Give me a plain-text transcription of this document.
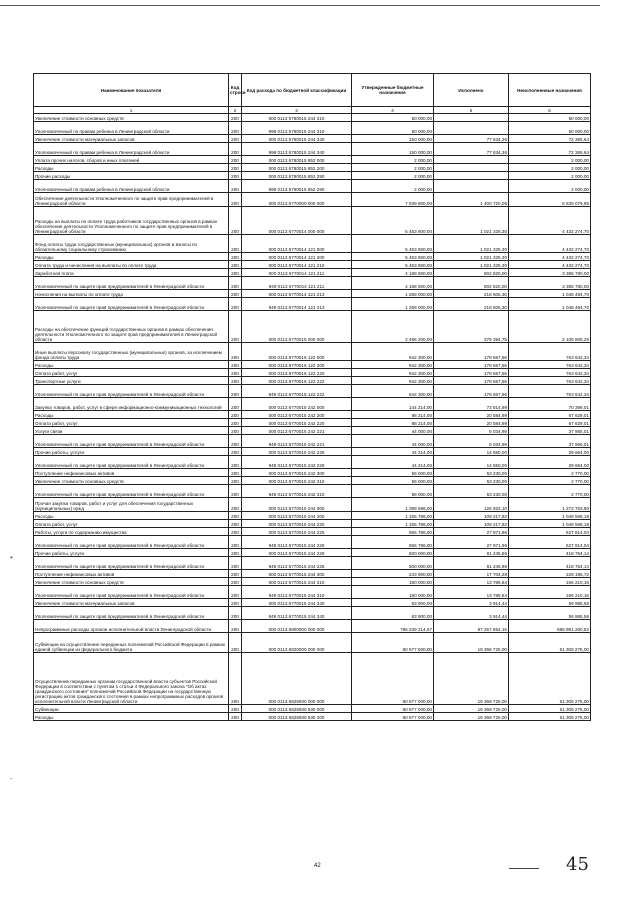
•
-
Наименование показателя	Код строки	Код расхода по бюджетной классификации	Утвержденные бюджетные назначения	Исполнено	Неисполненные назначения
1	2	3	4	5	6
Увеличение стоимости основных средств	200	000 0113 6780015 244 310	50 000,00		50 000,00
Уполномоченный по правам ребенка в Ленинградской области	200	998 0113 6780015 244 310	50 000,00		50 000,00
Увеличение стоимости материальных запасов	200	000 0113 6780015 244 340	150 000,00	77 634,36	72 365,64
Уполномоченный по правам ребенка в Ленинградской области	200	998 0113 6780015 244 340	150 000,00	77 634,36	72 365,64
Уплата прочих налогов, сборов и иных платежей	200	000 0113 6780015 852 000	2 000,00		2 000,00
Расходы	200	000 0113 6780015 852 200	2 000,00		2 000,00
Прочие расходы	200	000 0113 6780015 852 290	2 000,00		2 000,00
Уполномоченный по правам ребенка в Ленинградской области	200	998 0113 6780015 852 290	2 000,00		2 000,00
Обеспечение деятельности Уполномоченного по защите прав предпринимателей в Ленинградской области	200	000 0113 6770000 000 000	7 939 800,00	1 400 720,05	6 539 079,95
Расходы на выплаты по оплате труда работников государственных органов в рамках обеспечения деятельности Уполномоченного по защите прав предпринимателей в Ленинградской области	200	000 0113 6770014 000 000	5 453 600,00	1 021 325,30	4 432 274,70
Фонд оплаты труда государственных (муниципальных) органов и взносы по обязательному социальному страхованию	200	000 0113 6770014 121 000	5 453 600,00	1 021 325,30	4 432 274,70
Расходы	200	000 0113 6770014 121 200	5 453 600,00	1 021 325,30	4 432 274,70
Оплата труда и начисления на выплаты по оплате труда	200	000 0113 6770014 121 210	5 453 600,00	1 021 325,30	4 432 274,70
Заработная плата	200	000 0113 6770014 121 211	4 188 600,00	802 820,00	3 385 780,00
Уполномоченный по защите прав предпринимателей в Ленинградской области	200	949 0113 6770014 121 211	4 188 600,00	802 820,00	3 385 780,00
Начисления на выплаты по оплате труда	200	000 0113 6770014 121 213	1 265 000,00	218 505,30	1 046 494,70
Уполномоченный по защите прав предпринимателей в Ленинградской области	200	949 0113 6770014 121 213	1 265 000,00	218 505,30	1 046 494,70
Расходы на обеспечение функций государственных органов в рамках обеспечения деятельности Уполномоченного по защите прав предпринимателей в Ленинградской области	200	000 0113 6770015 000 000	2 486 200,00	379 394,75	2 106 805,25
Иные выплаты персоналу государственных (муниципальных) органов, за исключением фонда оплаты труда	200	000 0113 6770015 122 000	942 300,00	178 657,66	763 642,34
Расходы	200	000 0113 6770015 122 200	942 300,00	178 657,66	763 642,34
Оплата работ, услуг	200	000 0113 6770015 122 220	942 300,00	178 657,66	763 642,34
Транспортные услуги	200	000 0113 6770015 122 222	942 300,00	178 657,66	763 642,34
Уполномоченный по защите прав предпринимателей в Ленинградской области	200	949 0113 6770015 122 222	942 300,00	178 657,66	763 642,34
Закупка товаров, работ, услуг в сфере информационно-коммуникационных технологий	200	000 0113 6770015 242 000	144 214,00	73 814,99	70 399,01
Расходы	200	000 0113 6770015 242 200	88 214,00	20 584,99	67 629,01
Оплата работ, услуг	200	000 0113 6770015 242 220	88 214,00	20 584,99	67 629,01
Услуги связи	200	000 0113 6770015 242 221	44 000,00	6 034,99	37 965,01
Уполномоченный по защите прав предпринимателей в Ленинградской области	200	949 0113 6770015 242 221	44 000,00	6 034,99	37 965,01
Прочие работы, услуги	200	000 0113 6770015 242 226	44 214,00	14 550,00	29 664,00
Уполномоченный по защите прав предпринимателей в Ленинградской области	200	949 0113 6770015 242 226	44 214,00	14 550,00	29 664,00
Поступление нефинансовых активов	200	000 0113 6770015 242 300	56 000,00	53 230,00	2 770,00
Увеличение стоимости основных средств	200	000 0113 6770015 242 310	56 000,00	53 230,00	2 770,00
Уполномоченный по защите прав предпринимателей в Ленинградской области	200	949 0113 6770015 242 310	56 000,00	53 230,00	2 770,00
Прочая закупка товаров, работ и услуг для обеспечения государственных (муниципальных) нужд	200	000 0113 6770015 244 000	1 399 686,00	126 922,10	1 272 763,90
Расходы	200	000 0113 6770015 244 200	1 155 786,00	109 217,82	1 046 568,18
Оплата работ, услуг	200	000 0113 6770015 244 220	1 155 786,00	109 217,82	1 046 568,18
Работы, услуги по содержанию имущества	200	000 0113 6770015 244 225	655 786,00	27 971,96	627 814,04
Уполномоченный по защите прав предпринимателей в Ленинградской области	200	949 0113 6770015 244 225	655 786,00	27 971,96	627 814,04
Прочие работы, услуги	200	000 0113 6770015 244 226	500 000,00	81 245,86	418 754,14
Уполномоченный по защите прав предпринимателей в Ленинградской области	200	949 0113 6770015 244 226	500 000,00	81 245,86	418 754,14
Поступление нефинансовых активов	200	000 0113 6770015 244 300	243 900,00	17 704,28	226 195,72
Увеличение стоимости основных средств	200	000 0113 6770015 244 310	180 000,00	13 789,84	166 210,16
Уполномоченный по защите прав предпринимателей в Ленинградской области	200	949 0113 6770015 244 310	180 000,00	13 789,84	166 210,16
Увеличение стоимости материальных запасов	200	000 0113 6770015 244 340	63 900,00	3 914,44	59 985,56
Уполномоченный по защите прав предпринимателей в Ленинградской области	200	949 0113 6770015 244 340	63 900,00	3 914,44	59 985,56
Непрограммные расходы органов исполнительной власти Ленинградской области	200	000 0113 6800000 000 000	786 239 214,67	97 257 954,15	688 981 260,52
Субвенции на осуществление переданных полномочий Российской Федерации в рамках единой субвенции из федерального бюджета	200	000 0113 6820000 000 000	80 677 000,00	19 368 725,00	61 308 275,00
Осуществление переданных органам государственной власти субъектов Российской Федерации в соответствии с пунктом 1 статьи 4 Федерального закона "Об актах гражданского состояния" полномочий Российской Федерации на государственную регистрацию актов гражданского состояния в рамках непрограммных расходов органов исполнительной власти Ленинградской области	200	000 0113 6825930 000 000	80 677 000,00	19 368 725,00	61 308 275,00
Субвенции	200	000 0113 6825930 530 000	80 677 000,00	19 368 725,00	61 308 275,00
Расходы	200	000 0113 6825930 530 200	80 677 000,00	19 368 725,00	61 308 275,00
42	45
